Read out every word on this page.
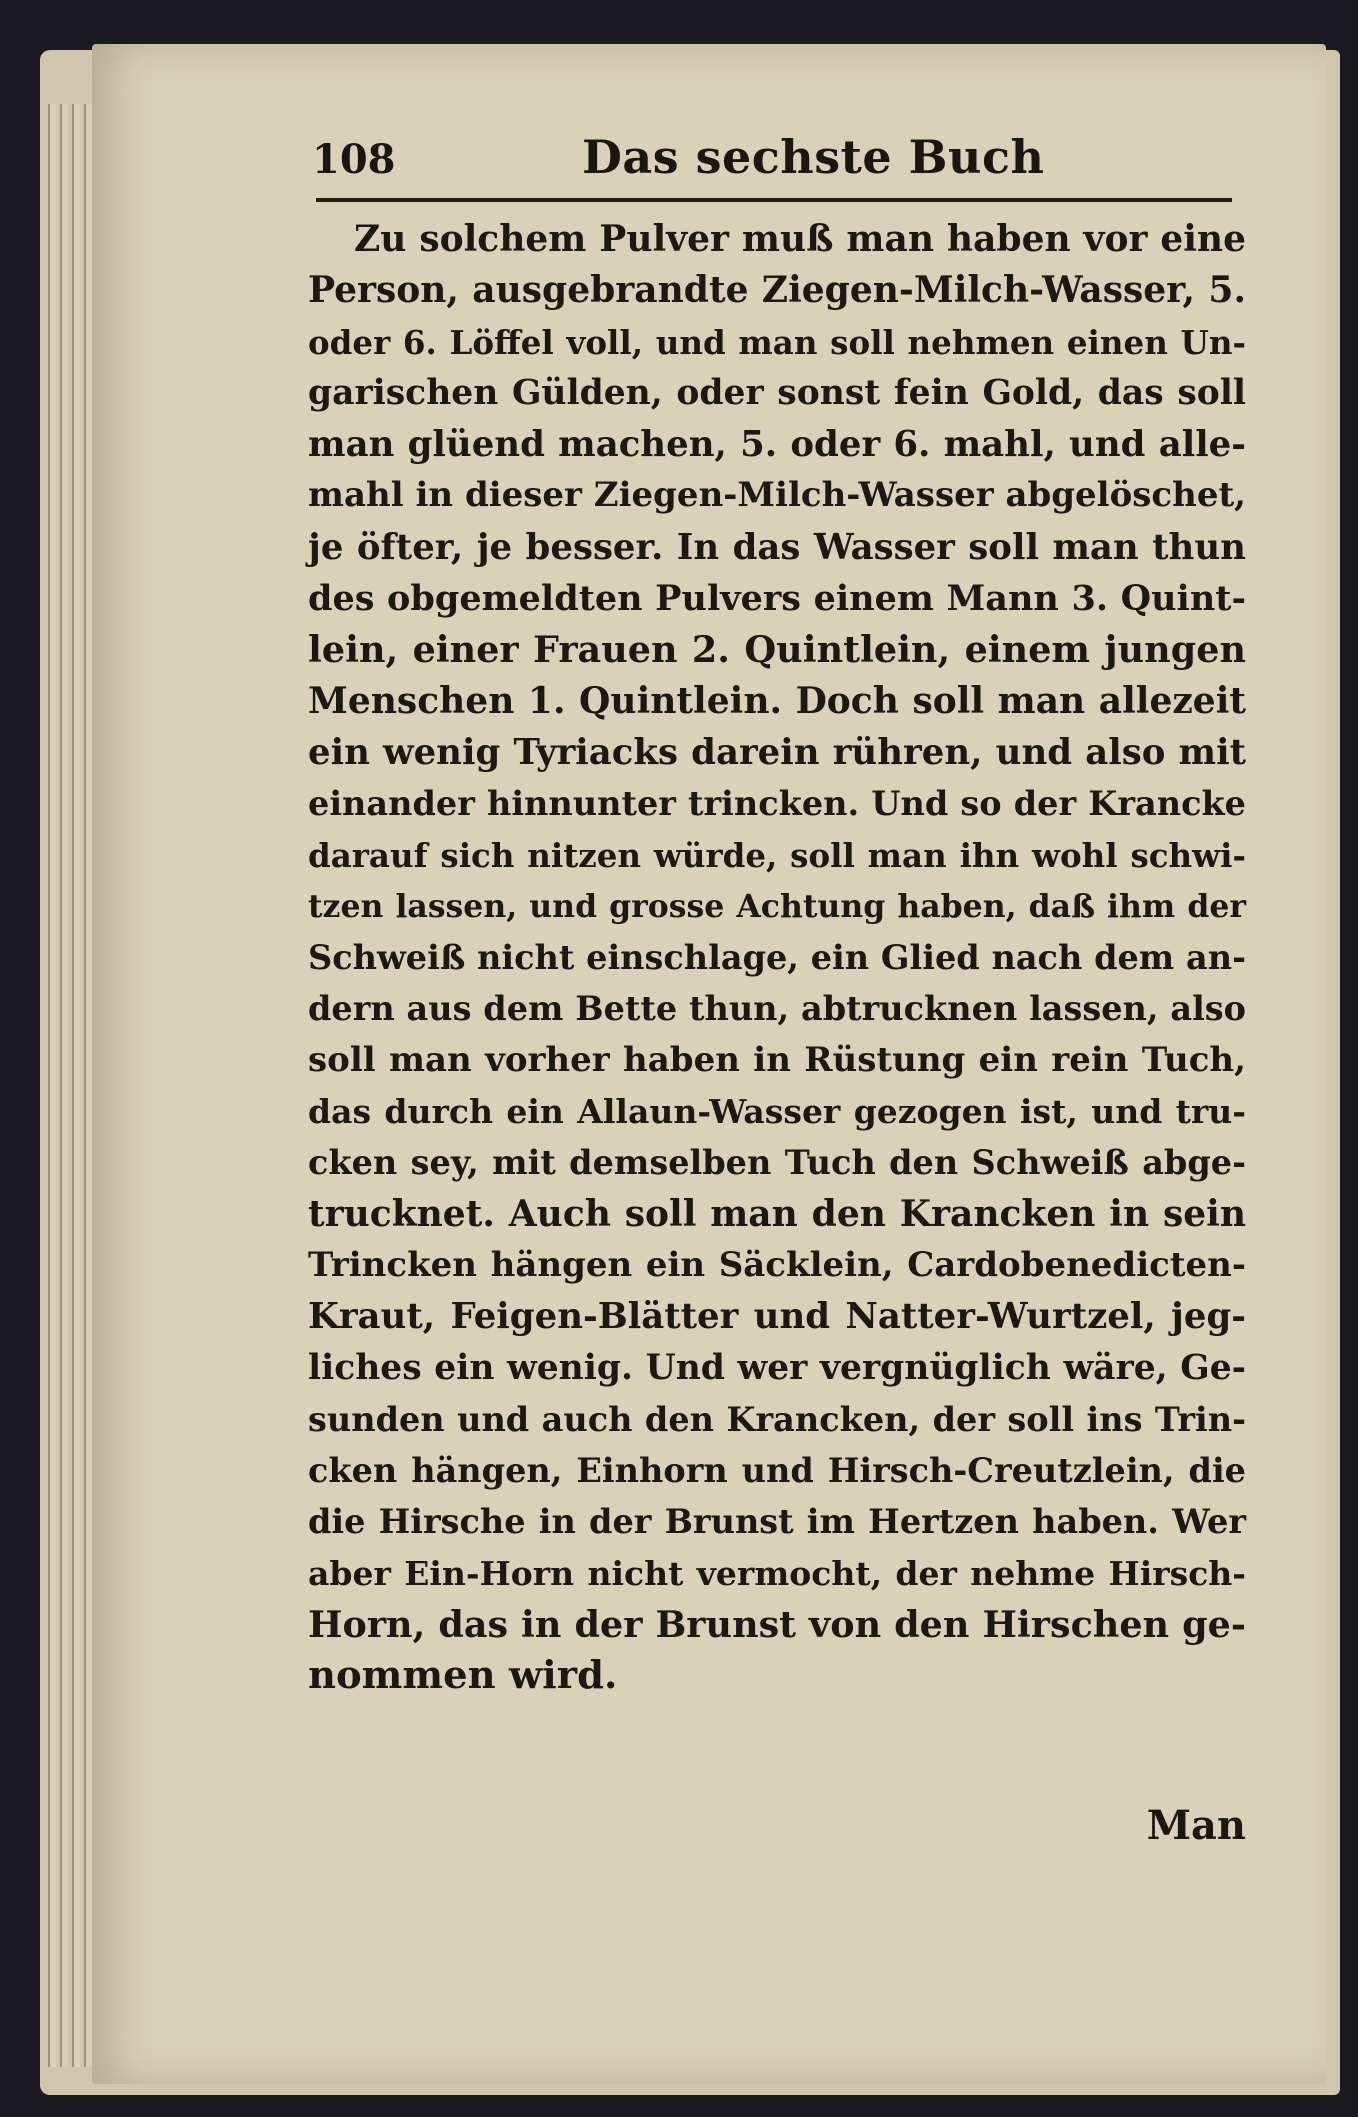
108	Das sechste Buch
Zu solchem Pulver muß man haben vor eine
Person, ausgebrandte Ziegen-Milch-Wasser, 5.
oder 6. Löffel voll, und man soll nehmen einen Un-
garischen Gülden, oder sonst fein Gold, das soll
man glüend machen, 5. oder 6. mahl, und alle-
mahl in dieser Ziegen-Milch-Wasser abgelöschet,
je öfter, je besser. In das Wasser soll man thun
des obgemeldten Pulvers einem Mann 3. Quint-
lein, einer Frauen 2. Quintlein, einem jungen
Menschen 1. Quintlein. Doch soll man allezeit
ein wenig Tyriacks darein rühren, und also mit
einander hinnunter trincken. Und so der Krancke
darauf sich nitzen würde, soll man ihn wohl schwi-
tzen lassen, und grosse Achtung haben, daß ihm der
Schweiß nicht einschlage, ein Glied nach dem an-
dern aus dem Bette thun, abtrucknen lassen, also
soll man vorher haben in Rüstung ein rein Tuch,
das durch ein Allaun-Wasser gezogen ist, und tru-
cken sey, mit demselben Tuch den Schweiß abge-
trucknet. Auch soll man den Krancken in sein
Trincken hängen ein Säcklein, Cardobenedicten-
Kraut, Feigen-Blätter und Natter-Wurtzel, jeg-
liches ein wenig. Und wer vergnüglich wäre, Ge-
sunden und auch den Krancken, der soll ins Trin-
cken hängen, Einhorn und Hirsch-Creutzlein, die
die Hirsche in der Brunst im Hertzen haben. Wer
aber Ein-Horn nicht vermocht, der nehme Hirsch-
Horn, das in der Brunst von den Hirschen ge-
nommen wird.
Man
